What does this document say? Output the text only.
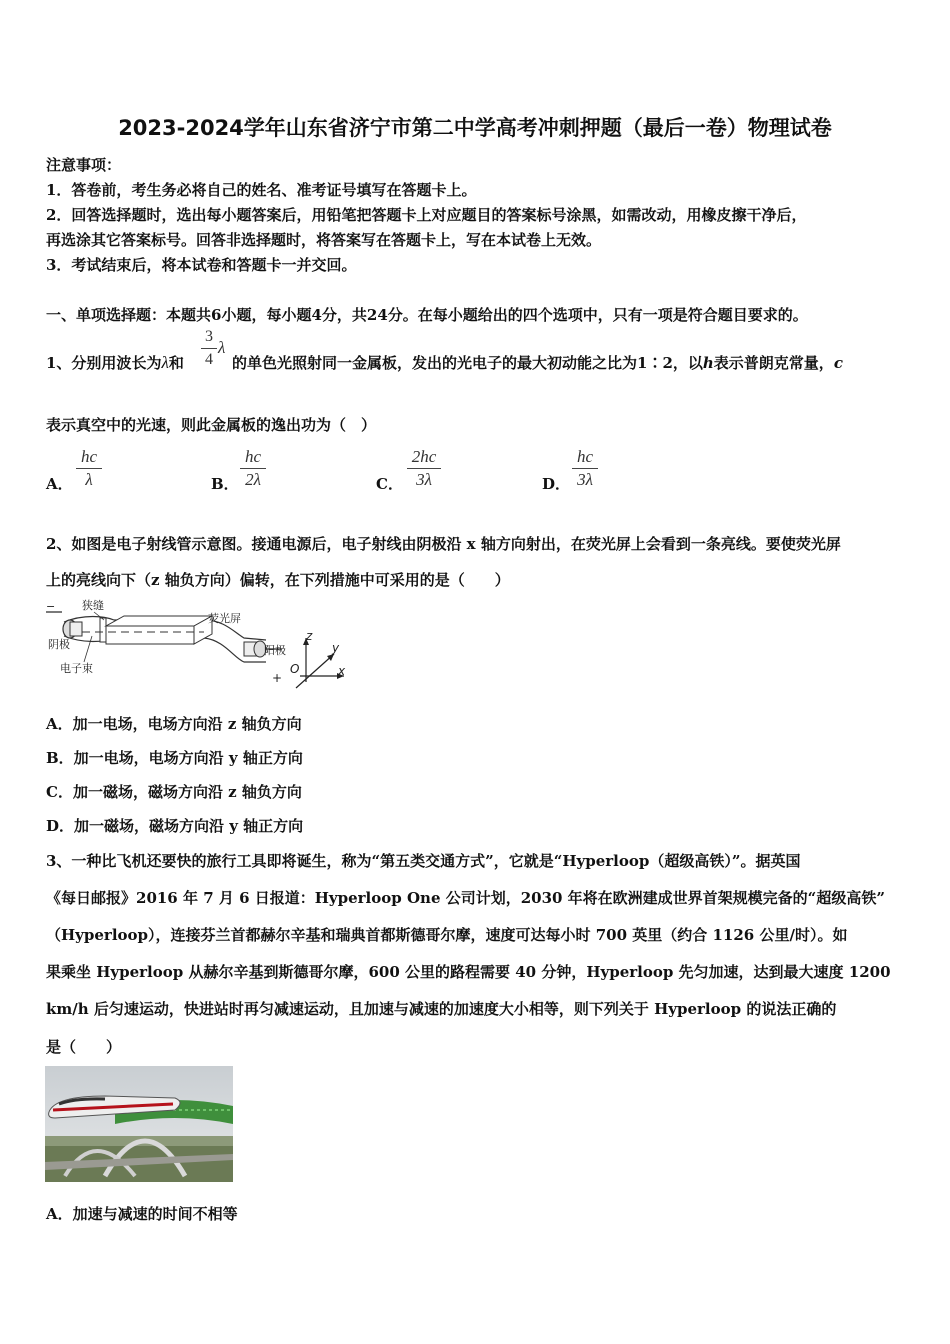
2023-2024学年山东省济宁市第二中学高考冲刺押题（最后一卷）物理试卷
注意事项：
1．答卷前，考生务必将自己的姓名、准考证号填写在答题卡上。
2．回答选择题时，选出每小题答案后，用铅笔把答题卡上对应题目的答案标号涂黑，如需改动，用橡皮擦干净后，
再选涂其它答案标号。回答非选择题时，将答案写在答题卡上，写在本试卷上无效。
3．考试结束后，将本试卷和答题卡一并交回。
一、单项选择题：本题共6小题，每小题4分，共24分。在每小题给出的四个选项中，只有一项是符合题目要求的。
1、分别用波长为λ和
3
4
λ
的单色光照射同一金属板，发出的光电子的最大初动能之比为1∶2，以h表示普朗克常量，c
表示真空中的光速，则此金属板的逸出功为（　）
A．
hc
λ	B．
hc
2λ	C．
2hc
3λ	D．
hc
3λ
2、如图是电子射线管示意图。接通电源后，电子射线由阴极沿 x 轴方向射出，在荧光屏上会看到一条亮线。要使荧光屏
上的亮线向下（z 轴负方向）偏转，在下列措施中可采用的是（　　）
− 狭缝
荧光屏
阴极	阳极
电子束
+
z
y
x
O
A．加一电场，电场方向沿 z 轴负方向
B．加一电场，电场方向沿 y 轴正方向
C．加一磁场，磁场方向沿 z 轴负方向
D．加一磁场，磁场方向沿 y 轴正方向
3、一种比飞机还要快的旅行工具即将诞生，称为“第五类交通方式”，它就是“Hyperloop（超级高铁）”。据英国
《每日邮报》2016 年 7 月 6 日报道：Hyperloop One 公司计划，2030 年将在欧洲建成世界首架规模完备的“超级高铁”
（Hyperloop），连接芬兰首都赫尔辛基和瑞典首都斯德哥尔摩，速度可达每小时 700 英里（约合 1126 公里/时）。如
果乘坐 Hyperloop 从赫尔辛基到斯德哥尔摩，600 公里的路程需要 40 分钟，Hyperloop 先匀加速，达到最大速度 1200
km/h 后匀速运动，快进站时再匀减速运动，且加速与减速的加速度大小相等，则下列关于 Hyperloop 的说法正确的
是（　　）
A．加速与减速的时间不相等
